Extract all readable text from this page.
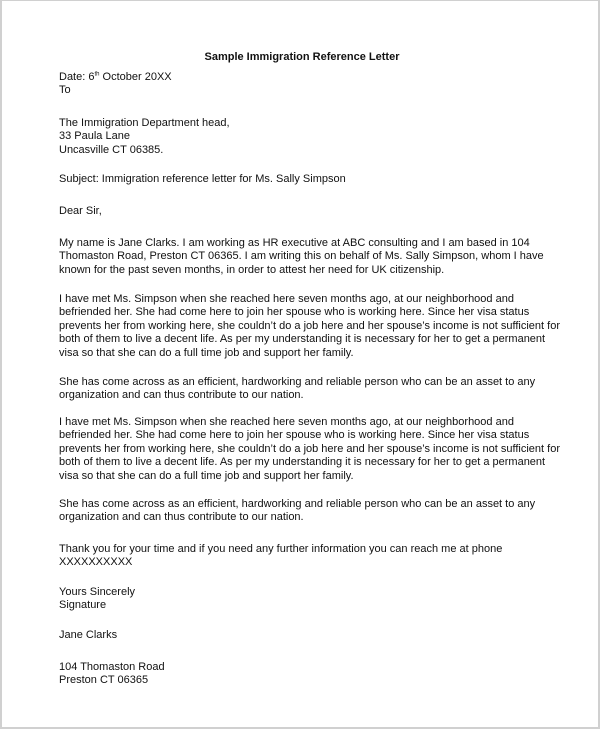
Sample Immigration Reference Letter
Date: 6th October 20XX
To
The Immigration Department head,
33 Paula Lane
Uncasville CT 06385.
Subject: Immigration reference letter for Ms. Sally Simpson
Dear Sir,
My name is Jane Clarks. I am working as HR executive at ABC consulting and I am based in 104
Thomaston Road, Preston CT 06365. I am writing this on behalf of Ms. Sally Simpson, whom I have
known for the past seven months, in order to attest her need for UK citizenship.
I have met Ms. Simpson when she reached here seven months ago, at our neighborhood and
befriended her. She had come here to join her spouse who is working here. Since her visa status
prevents her from working here, she couldn’t do a job here and her spouse’s income is not sufficient for
both of them to live a decent life. As per my understanding it is necessary for her to get a permanent
visa so that she can do a full time job and support her family.
She has come across as an efficient, hardworking and reliable person who can be an asset to any
organization and can thus contribute to our nation.
I have met Ms. Simpson when she reached here seven months ago, at our neighborhood and
befriended her. She had come here to join her spouse who is working here. Since her visa status
prevents her from working here, she couldn’t do a job here and her spouse’s income is not sufficient for
both of them to live a decent life. As per my understanding it is necessary for her to get a permanent
visa so that she can do a full time job and support her family.
She has come across as an efficient, hardworking and reliable person who can be an asset to any
organization and can thus contribute to our nation.
Thank you for your time and if you need any further information you can reach me at phone
XXXXXXXXXX
Yours Sincerely
Signature
Jane Clarks
104 Thomaston Road
Preston CT 06365
